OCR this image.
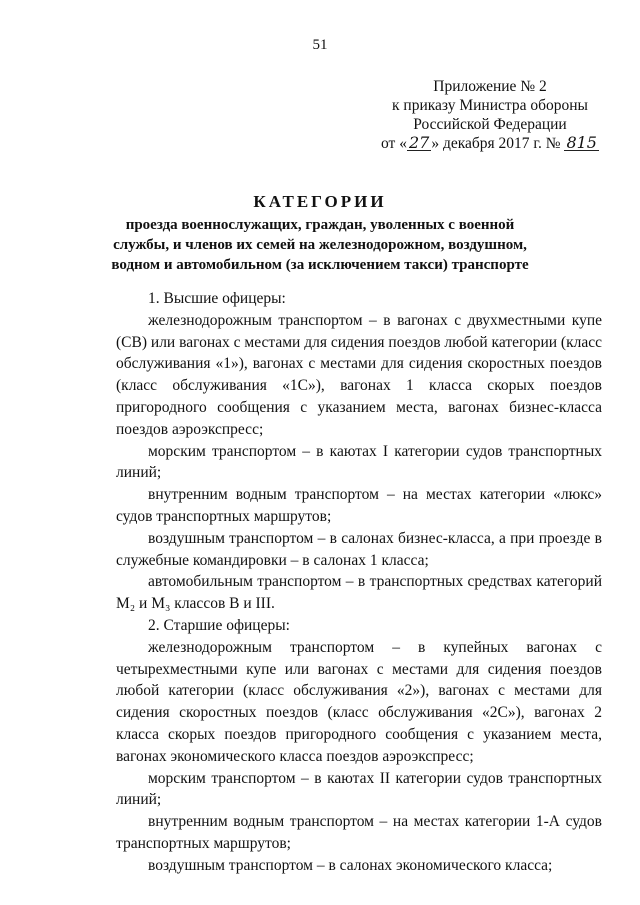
51
Приложение № 2
к приказу Министра обороны
Российской Федерации
от « 27 » декабря 2017 г. № 815
КАТЕГОРИИ
проезда военнослужащих, граждан, уволенных с военной службы, и членов их семей на железнодорожном, воздушном, водном и автомобильном (за исключением такси) транспорте

1. Высшие офицеры:

железнодорожным транспортом – в вагонах с двухместными купе (СВ) или вагонах с местами для сидения поездов любой категории (класс обслуживания «1»), вагонах с местами для сидения скоростных поездов (класс обслуживания «1С»), вагонах 1 класса скорых поездов пригородного сообщения с указанием места, вагонах бизнес-класса поездов аэроэкспресс;

морским транспортом – в каютах I категории судов транспортных линий;

внутренним водным транспортом – на местах категории «люкс» судов транспортных маршрутов;

воздушным транспортом – в салонах бизнес-класса, а при проезде в служебные командировки – в салонах 1 класса;

автомобильным транспортом – в транспортных средствах категорий M₂ и M₃ классов В и III.

2. Старшие офицеры:

железнодорожным транспортом – в купейных вагонах с четырехместными купе или вагонах с местами для сидения поездов любой категории (класс обслуживания «2»), вагонах с местами для сидения скоростных поездов (класс обслуживания «2С»), вагонах 2 класса скорых поездов пригородного сообщения с указанием места, вагонах экономического класса поездов аэроэкспресс;

морским транспортом – в каютах II категории судов транспортных линий;

внутренним водным транспортом – на местах категории 1-А судов транспортных маршрутов;

воздушным транспортом – в салонах экономического класса;
